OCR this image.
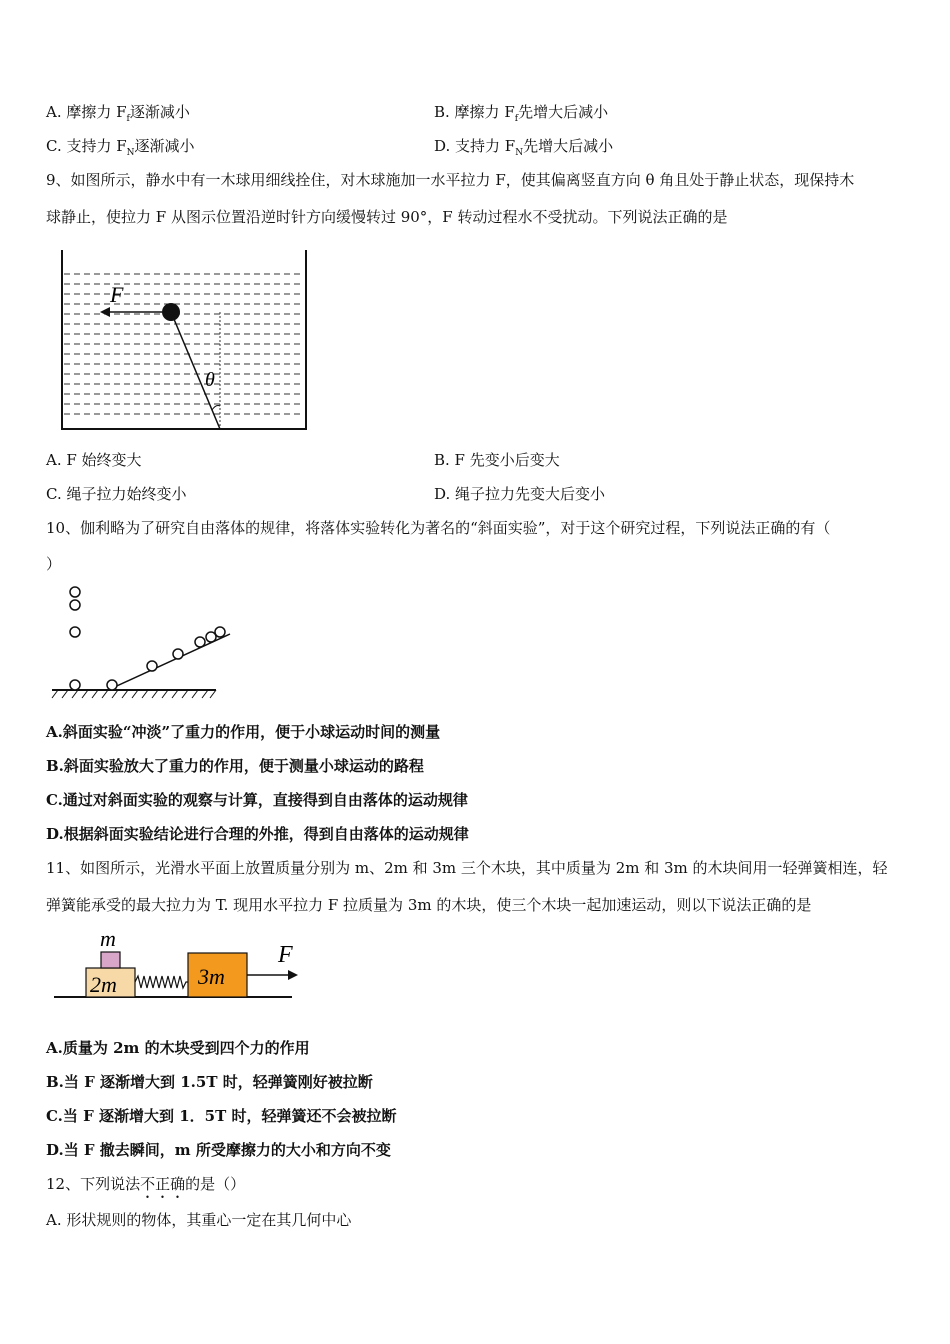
A. 摩擦力 $F_f$逐渐减小	B. 摩擦力 $F_f$先增大后减小
C. 支持力 $F_N$逐渐减小	D. 支持力 $F_N$先增大后减小
9、如图所示，静水中有一木球用细线拴住，对木球施加一水平拉力 F，使其偏离竖直方向 θ 角且处于静止状态，现保持木
球静止，使拉力 F 从图示位置沿逆时针方向缓慢转过 90°，F 转动过程水不受扰动。下列说法正确的是
F
θ
A. F 始终变大	B. F 先变小后变大
C. 绳子拉力始终变小	D. 绳子拉力先变大后变小
10、伽利略为了研究自由落体的规律，将落体实验转化为著名的“斜面实验”，对于这个研究过程，下列说法正确的有（
）
A.斜面实验“冲淡”了重力的作用，便于小球运动时间的测量
B.斜面实验放大了重力的作用，便于测量小球运动的路程
C.通过对斜面实验的观察与计算，直接得到自由落体的运动规律
D.根据斜面实验结论进行合理的外推，得到自由落体的运动规律
11、如图所示，光滑水平面上放置质量分别为 m、2m 和 3m 三个木块，其中质量为 2m 和 3m 的木块间用一轻弹簧相连，轻
弹簧能承受的最大拉力为 T. 现用水平拉力 F 拉质量为 3m 的木块，使三个木块一起加速运动，则以下说法正确的是
m
2m	3m
F
A.质量为 2m 的木块受到四个力的作用
B.当 F 逐渐增大到 1.5T 时，轻弹簧刚好被拉断
C.当 F 逐渐增大到 1．5T 时，轻弹簧还不会被拉断
D.当 F 撤去瞬间，m 所受摩擦力的大小和方向不变
12、下列说法不正确的是（）
A. 形状规则的物体，其重心一定在其几何中心
